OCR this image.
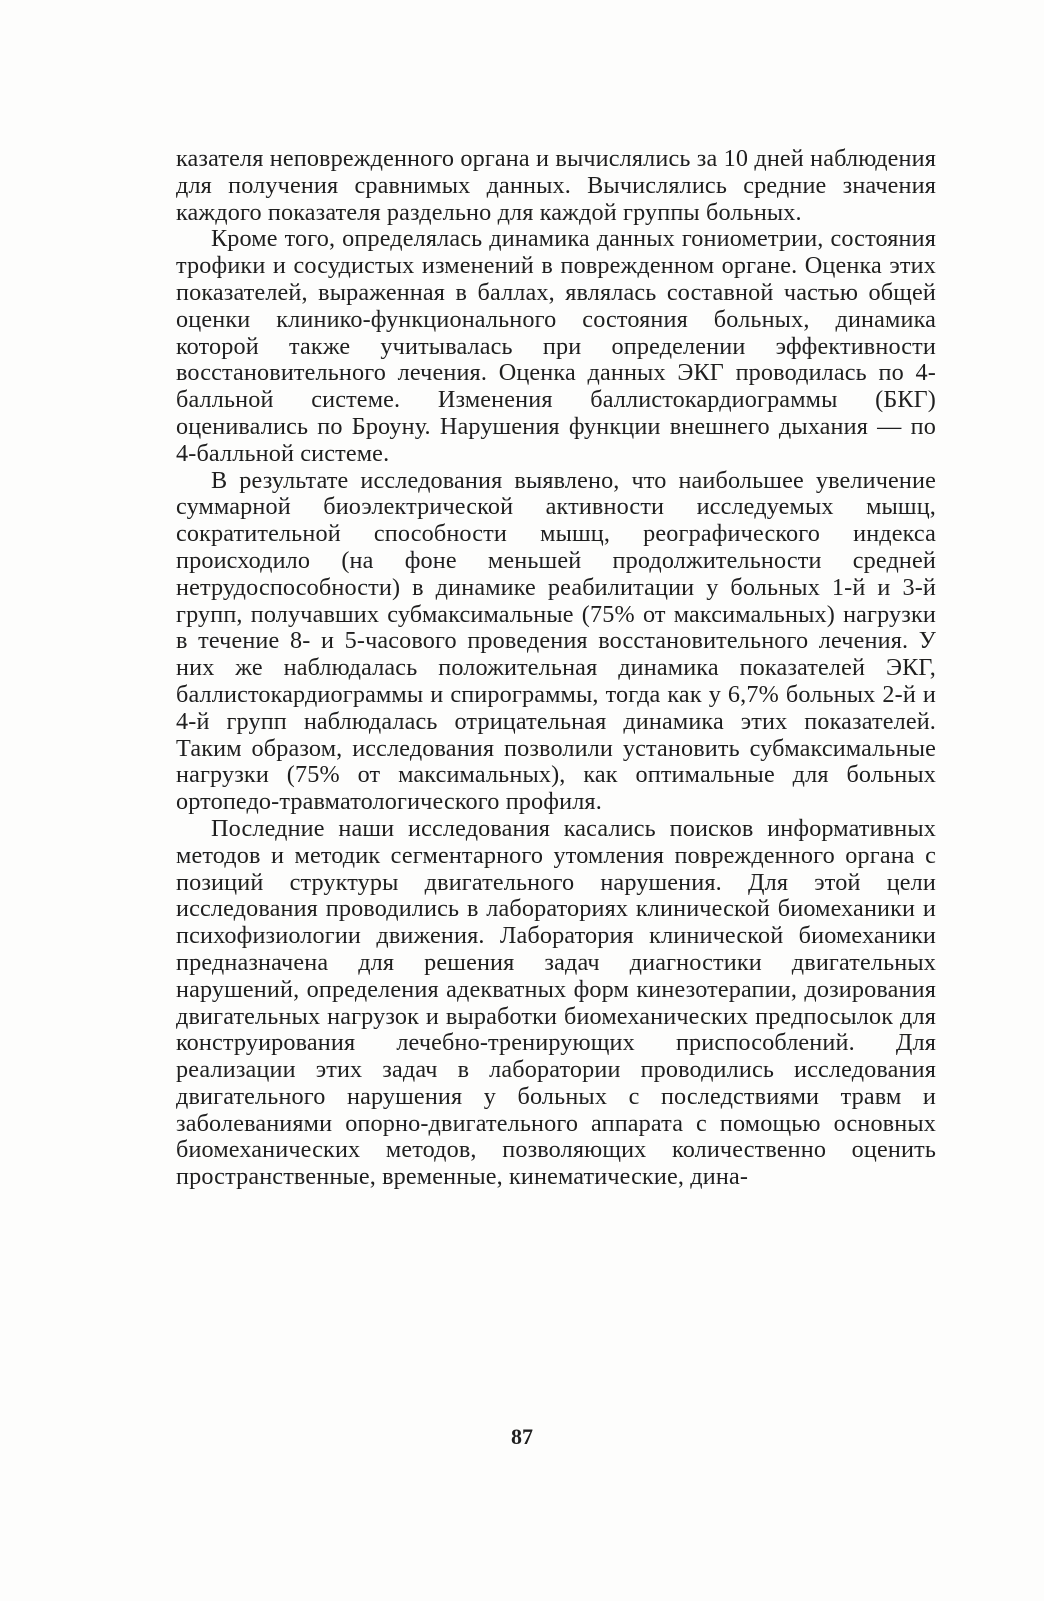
казателя неповрежденного органа и вычислялись за 10 дней наблюдения для получения сравнимых данных. Вычислялись средние значения каждого показателя раздельно для каждой группы больных.

Кроме того, определялась динамика данных гониометрии, состояния трофики и сосудистых изменений в поврежденном органе. Оценка этих показателей, выраженная в баллах, являлась составной частью общей оценки клинико-функционального состояния больных, динамика которой также учитывалась при определении эффективности восстановительного лечения. Оценка данных ЭКГ проводилась по 4-балльной системе. Изменения баллистокардиограммы (БКГ) оценивались по Броуну. Нарушения функции внешнего дыхания — по 4-балльной системе.

В результате исследования выявлено, что наибольшее увеличение суммарной биоэлектрической активности исследуемых мышц, сократительной способности мышц, реографического индекса происходило (на фоне меньшей продолжительности средней нетрудоспособности) в динамике реабилитации у больных 1-й и 3-й групп, получавших субмаксимальные (75% от максимальных) нагрузки в течение 8- и 5-часового проведения восстановительного лечения. У них же наблюдалась положительная динамика показателей ЭКГ, баллистокардиограммы и спирограммы, тогда как у 6,7% больных 2-й и 4-й групп наблюдалась отрицательная динамика этих показателей. Таким образом, исследования позволили установить субмаксимальные нагрузки (75% от максимальных), как оптимальные для больных ортопедо-травматологического профиля.

Последние наши исследования касались поисков информативных методов и методик сегментарного утомления поврежденного органа с позиций структуры двигательного нарушения. Для этой цели исследования проводились в лабораториях клинической биомеханики и психофизиологии движения. Лаборатория клинической биомеханики предназначена для решения задач диагностики двигательных нарушений, определения адекватных форм кинезотерапии, дозирования двигательных нагрузок и выработки биомеханических предпосылок для конструирования лечебно-тренирующих приспособлений. Для реализации этих задач в лаборатории проводились исследования двигательного нарушения у больных с последствиями травм и заболеваниями опорно-двигательного аппарата с помощью основных биомеханических методов, позволяющих количественно оценить пространственные, временные, кинематические, дина-

87
